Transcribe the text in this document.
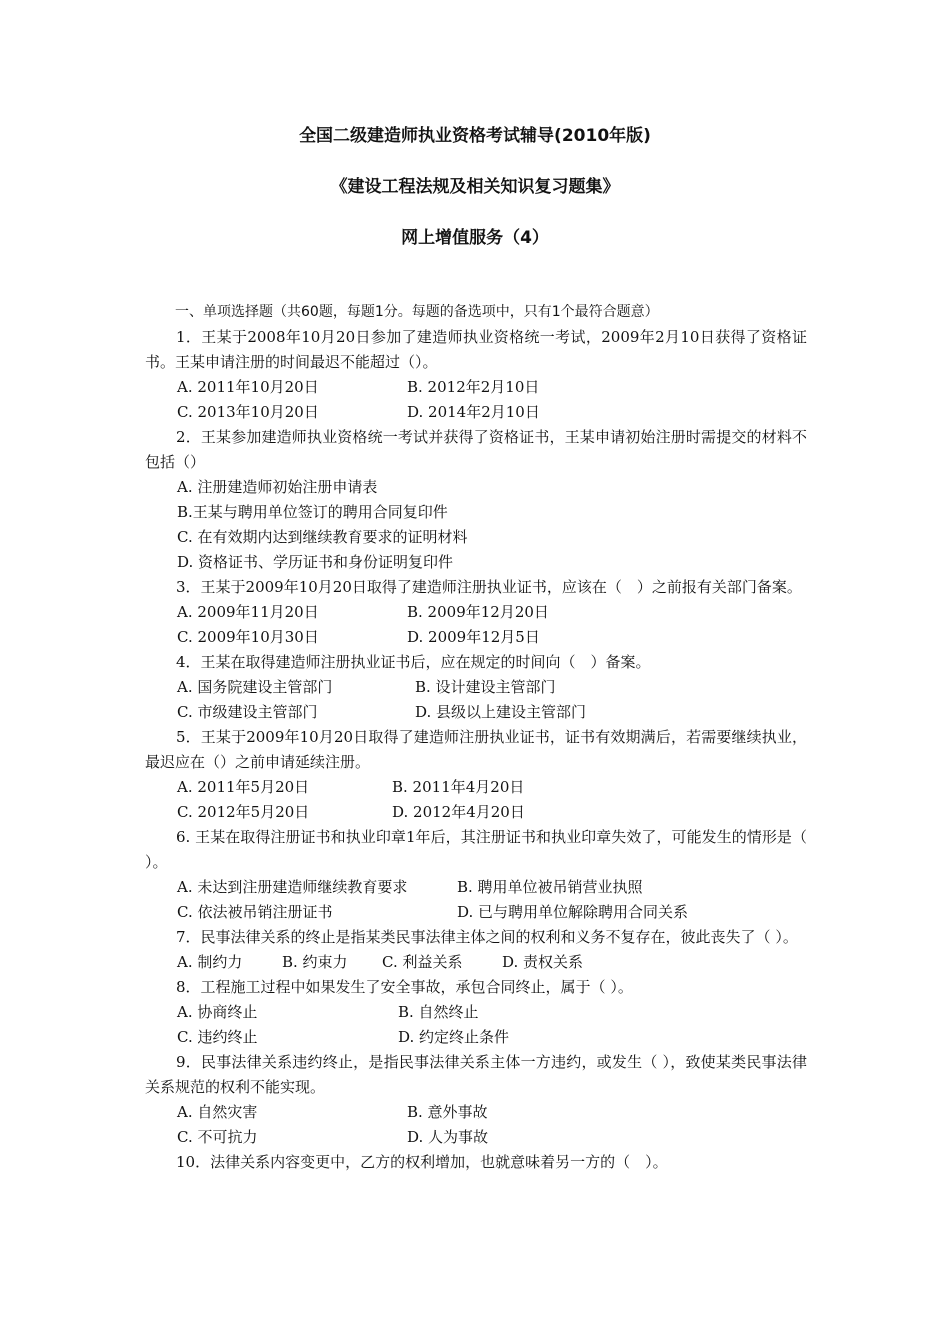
全国二级建造师执业资格考试辅导(2010年版)
《建设工程法规及相关知识复习题集》
网上增值服务（4）

一、单项选择题（共60题，每题1分。每题的备选项中，只有1个最符合题意）

1．王某于2008年10月20日参加了建造师执业资格统一考试，2009年2月10日获得了资格证书。王某申请注册的时间最迟不能超过（）。

A. 2011年10月20日	B. 2012年2月10日

C. 2013年10月20日	D. 2014年2月10日

2．王某参加建造师执业资格统一考试并获得了资格证书，王某申请初始注册时需提交的材料不包括（）

A. 注册建造师初始注册申请表

B.王某与聘用单位签订的聘用合同复印件

C. 在有效期内达到继续教育要求的证明材料

D. 资格证书、学历证书和身份证明复印件

3．王某于2009年10月20日取得了建造师注册执业证书，应该在（　）之前报有关部门备案。

A. 2009年11月20日	B. 2009年12月20日

C. 2009年10月30日	D. 2009年12月5日

4．王某在取得建造师注册执业证书后，应在规定的时间向（　）备案。

A. 国务院建设主管部门	B. 设计建设主管部门

C. 市级建设主管部门	D. 县级以上建设主管部门

5．王某于2009年10月20日取得了建造师注册执业证书，证书有效期满后，若需要继续执业，最迟应在（）之前申请延续注册。

A. 2011年5月20日	B. 2011年4月20日

C. 2012年5月20日	D. 2012年4月20日

6. 王某在取得注册证书和执业印章1年后，其注册证书和执业印章失效了，可能发生的情形是（ ）。

A. 未达到注册建造师继续教育要求	B. 聘用单位被吊销营业执照

C. 依法被吊销注册证书	D. 已与聘用单位解除聘用合同关系

7．民事法律关系的终止是指某类民事法律主体之间的权利和义务不复存在，彼此丧失了（ ）。

A. 制约力	B. 约束力 C. 利益关系	D. 责权关系

8．工程施工过程中如果发生了安全事故，承包合同终止，属于（ ）。

A. 协商终止	B. 自然终止

C. 违约终止	D. 约定终止条件

9．民事法律关系违约终止，是指民事法律关系主体一方违约，或发生（ ），致使某类民事法律关系规范的权利不能实现。

A. 自然灾害	B. 意外事故

C. 不可抗力	D. 人为事故

10．法律关系内容变更中，乙方的权利增加，也就意味着另一方的（　）。
